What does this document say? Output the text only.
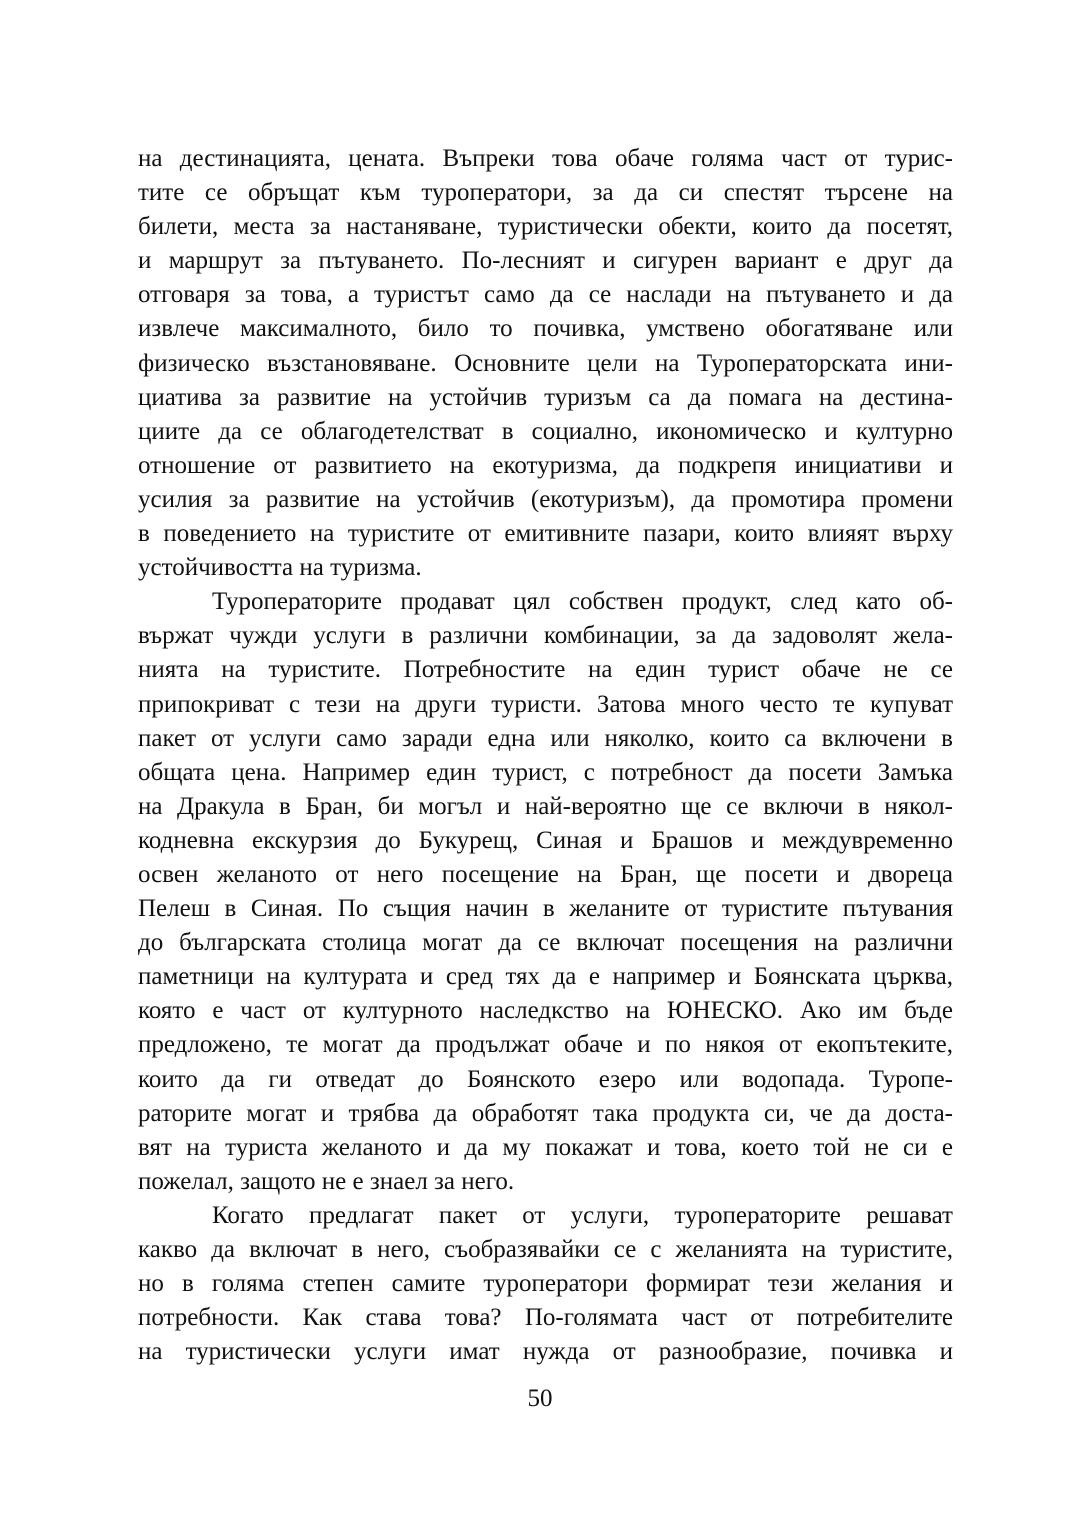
на дестинацията, цената. Въпреки това обаче голяма част от турис-
тите се обръщат към туроператори, за да си спестят търсене на
билети, места за настаняване, туристически обекти, които да посетят,
и маршрут за пътуването. По-лесният и сигурен вариант е друг да
отговаря за това, а туристът само да се наслади на пътуването и да
извлече максималното, било то почивка, умствено обогатяване или
физическо възстановяване. Основните цели на Туроператорската ини-
циатива за развитие на устойчив туризъм са да помага на дестина-
циите да се облагодетелстват в социално, икономическо и културно
отношение от развитието на екотуризма, да подкрепя инициативи и
усилия за развитие на устойчив (екотуризъм), да промотира промени
в поведението на туристите от емитивните пазари, които влияят върху
устойчивостта на туризма.

Туроператорите продават цял собствен продукт, след като об-
вържат чужди услуги в различни комбинации, за да задоволят жела-
нията на туристите. Потребностите на един турист обаче не се
припокриват с тези на други туристи. Затова много често те купуват
пакет от услуги само заради една или няколко, които са включени в
общата цена. Например един турист, с потребност да посети Замъка
на Дракула в Бран, би могъл и най-вероятно ще се включи в някол-
кодневна екскурзия до Букурещ, Синая и Брашов и междувременно
освен желаното от него посещение на Бран, ще посети и двореца
Пелеш в Синая. По същия начин в желаните от туристите пътувания
до българската столица могат да се включат посещения на различни
паметници на културата и сред тях да е например и Боянската църква,
която е част от културното наследкство на ЮНЕСКО. Ако им бъде
предложено, те могат да продължат обаче и по някоя от екопътеките,
които да ги отведат до Боянското езеро или водопада. Туропе-
раторите могат и трябва да обработят така продукта си, че да доста-
вят на туриста желаното и да му покажат и това, което той не си е
пожелал, защото не е знаел за него.

Когато предлагат пакет от услуги, туроператорите решават
какво да включат в него, съобразявайки се с желанията на туристите,
но в голяма степен самите туроператори формират тези желания и
потребности. Как става това? По-голямата част от потребителите
на туристически услуги имат нужда от разнообразие, почивка и

50
